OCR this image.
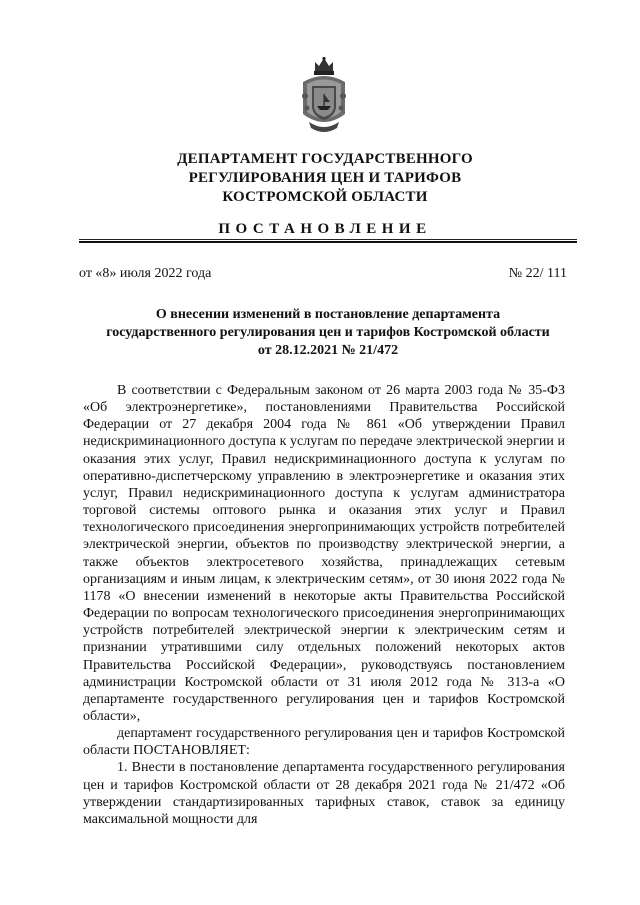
ДЕПАРТАМЕНТ ГОСУДАРСТВЕННОГО
РЕГУЛИРОВАНИЯ ЦЕН И ТАРИФОВ
КОСТРОМСКОЙ ОБЛАСТИ
ПОСТАНОВЛЕНИЕ
от «8» июля 2022 года	№ 22/ 111
О внесении изменений в постановление департамента
государственного регулирования цен и тарифов Костромской области
от 28.12.2021 № 21/472

В соответствии с Федеральным законом от 26 марта 2003 года № 35-ФЗ «Об электроэнергетике», постановлениями Правительства Российской Федерации от 27 декабря 2004 года № 861 «Об утверждении Правил недискриминационного доступа к услугам по передаче электрической энергии и оказания этих услуг, Правил недискриминационного доступа к услугам по оперативно-диспетчерскому управлению в электроэнергетике и оказания этих услуг, Правил недискриминационного доступа к услугам администратора торговой системы оптового рынка и оказания этих услуг и Правил технологического присоединения энергопринимающих устройств потребителей электрической энергии, объектов по производству электрической энергии, а также объектов электросетевого хозяйства, принадлежащих сетевым организациям и иным лицам, к электрическим сетям», от 30 июня 2022 года № 1178 «О внесении изменений в некоторые акты Правительства Российской Федерации по вопросам технологического присоединения энергопринимающих устройств потребителей электрической энергии к электрическим сетям и признании утратившими силу отдельных положений некоторых актов Правительства Российской Федерации», руководствуясь постановлением администрации Костромской области от 31 июля 2012 года № 313-а «О департаменте государственного регулирования цен и тарифов Костромской области»,

департамент государственного регулирования цен и тарифов Костромской области ПОСТАНОВЛЯЕТ:

1. Внести в постановление департамента государственного регулирования цен и тарифов Костромской области от 28 декабря 2021 года № 21/472 «Об утверждении стандартизированных тарифных ставок, ставок за единицу максимальной мощности для
